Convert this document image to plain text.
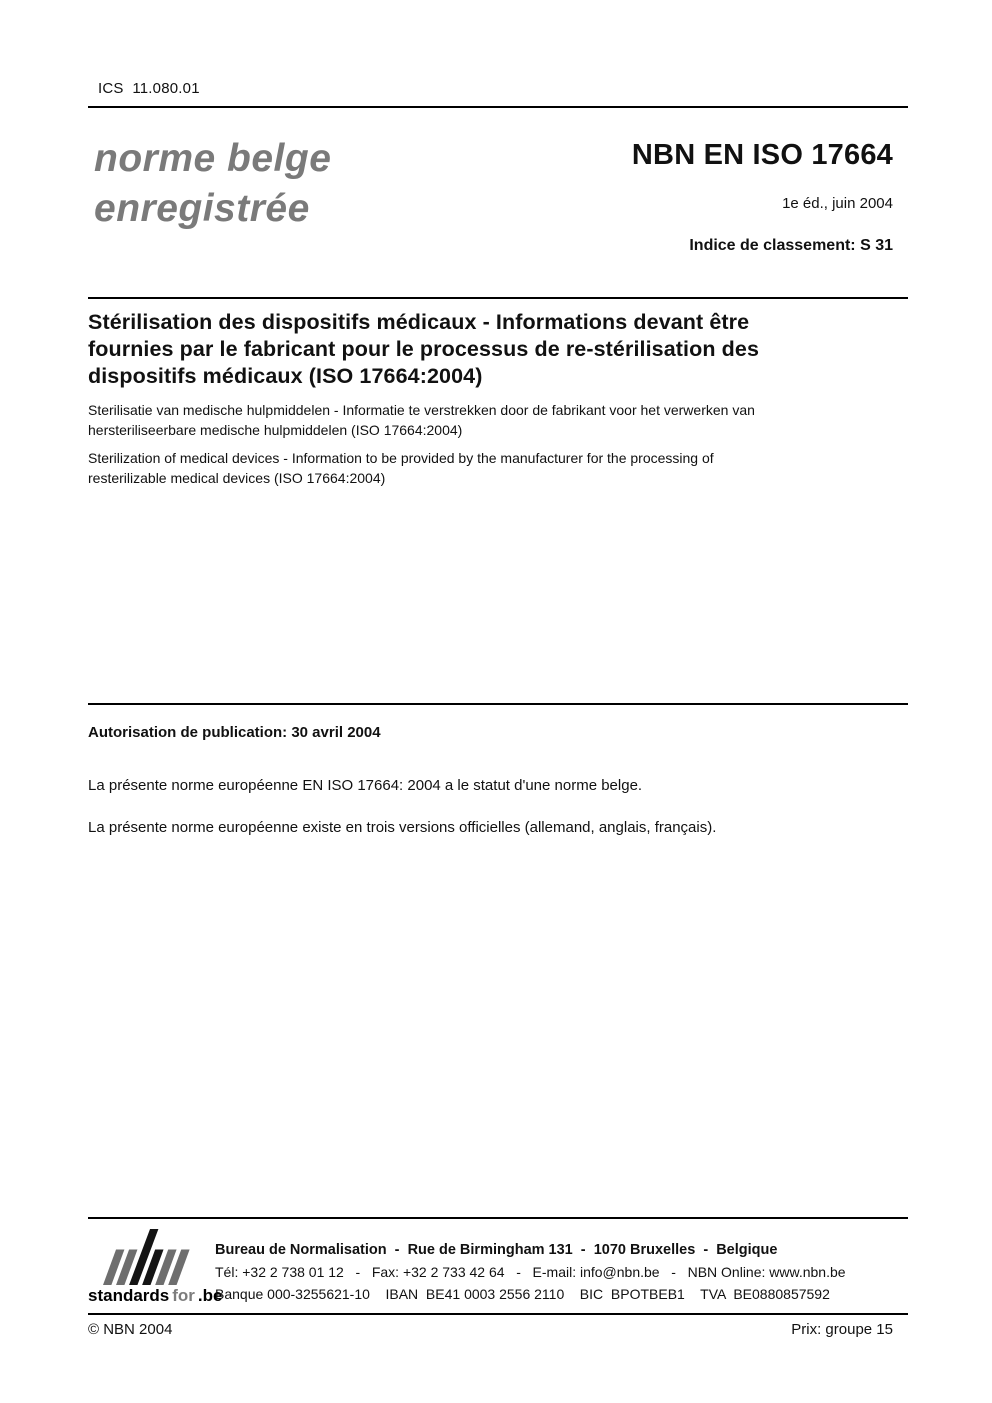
ICS  11.080.01
norme belge
enregistrée
NBN EN ISO 17664
1e éd., juin 2004
Indice de classement: S 31
Stérilisation des dispositifs médicaux - Informations devant être
fournies par le fabricant pour le processus de re-stérilisation des
dispositifs médicaux (ISO 17664:2004)
Sterilisatie van medische hulpmiddelen - Informatie te verstrekken door de fabrikant voor het verwerken van
hersteriliseerbare medische hulpmiddelen (ISO 17664:2004)
Sterilization of medical devices - Information to be provided by the manufacturer for the processing of
resterilizable medical devices (ISO 17664:2004)
Autorisation de publication: 30 avril 2004
La présente norme européenne EN ISO 17664: 2004 a le statut d'une norme belge.
La présente norme européenne existe en trois versions officielles (allemand, anglais, français).
standards for .be
Bureau de Normalisation  -  Rue de Birmingham 131  -  1070 Bruxelles  -  Belgique
Tél: +32 2 738 01 12   -   Fax: +32 2 733 42 64   -   E-mail: info@nbn.be   -   NBN Online: www.nbn.be
Banque 000-3255621-10    IBAN  BE41 0003 2556 2110    BIC  BPOTBEB1    TVA  BE0880857592
© NBN 2004	Prix: groupe 15
